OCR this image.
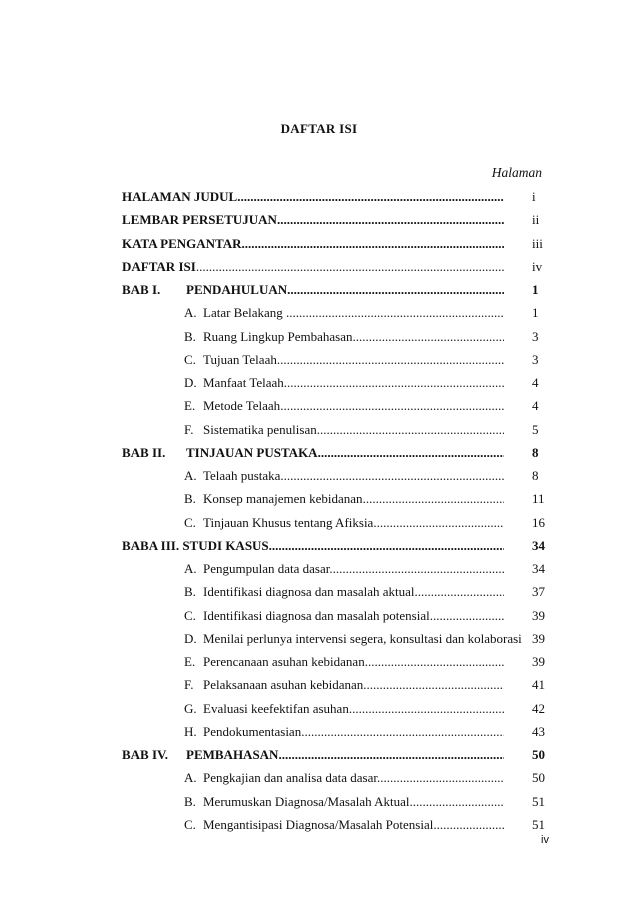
DAFTAR ISI
Halaman
HALAMAN JUDUL .....	i
LEMBAR PERSETUJUAN .....	ii
KATA PENGANTAR .....	iii
DAFTAR ISI .....	iv
BAB I. PENDAHULUAN .....	1
A. Latar Belakang .....	1
B. Ruang Lingkup Pembahasan .....	3
C. Tujuan Telaah .....	3
D. Manfaat Telaah .....	4
E. Metode Telaah .....	4
F. Sistematika penulisan .....	5
BAB II. TINJAUAN PUSTAKA .....	8
A. Telaah pustaka .....	8
B. Konsep manajemen kebidanan .....	11
C. Tinjauan Khusus tentang Afiksia .....	16
BABA III. STUDI KASUS .....	34
A. Pengumpulan data dasar .....	34
B. Identifikasi diagnosa dan masalah aktual .....	37
C. Identifikasi diagnosa dan masalah potensial .....	39
D. Menilai perlunya intervensi segera, konsultasi dan kolaborasi 39
E. Perencanaan asuhan kebidanan .....	39
F. Pelaksanaan asuhan kebidanan .....	41
G. Evaluasi keefektifan asuhan .....	42
H. Pendokumentasian .....	43
BAB IV. PEMBAHASAN .....	50
A. Pengkajian dan analisa data dasar .....	50
B. Merumuskan Diagnosa/Masalah Aktual .....	51
C. Mengantisipasi Diagnosa/Masalah Potensial .....	51
iv
